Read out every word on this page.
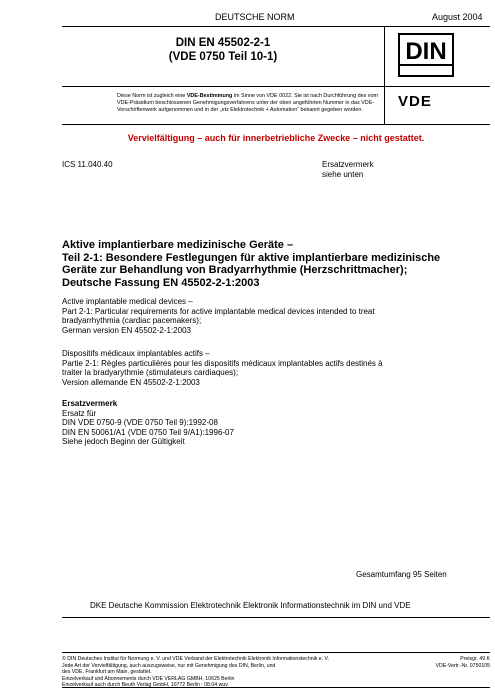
DEUTSCHE NORM	August 2004
DIN EN 45502-2-1
(VDE 0750 Teil 10-1)	DIN
VDE
Diese Norm ist zugleich eine VDE-Bestimmung im Sinne von VDE 0022. Sie ist nach Durchführung des vom VDE-Präsidium beschlossenen Genehmigungsverfahrens unter der oben angeführten Nummer in das VDE-Vorschriftenwerk aufgenommen und in der „etz Elektrotechnik + Automation“ bekannt gegeben worden.
Vervielfältigung – auch für innerbetriebliche Zwecke – nicht gestattet.
ICS 11.040.40	Ersatzvermerk
siehe unten
Aktive implantierbare medizinische Geräte –
Teil 2-1: Besondere Festlegungen für aktive implantierbare medizinische
Geräte zur Behandlung von Bradyarrhythmie (Herzschrittmacher);
Deutsche Fassung EN 45502-2-1:2003
Active implantable medical devices –
Part 2-1: Particular requirements for active implantable medical devices intended to treat
bradyarrhythmia (cardiac pacemakers);
German version EN 45502-2-1:2003
Dispositifs médicaux implantables actifs –
Partie 2-1: Règles particulières pour les dispositifs médicaux implantables actifs destinés à
traiter la bradyarythmie (stimulateurs cardiaques);
Version allemande EN 45502-2-1:2003
Ersatzvermerk
Ersatz für
DIN VDE 0750-9 (VDE 0750 Teil 9):1992-08
DIN EN 50061/A1 (VDE 0750 Teil 9/A1):1996-07
Siehe jedoch Beginn der Gültigkeit
Gesamtumfang 95 Seiten
DKE Deutsche Kommission Elektrotechnik Elektronik Informationstechnik im DIN und VDE
© DIN Deutsches Institut für Normung e. V. und VDE Verband der Elektrotechnik Elektronik Informationstechnik e. V.
Jede Art der Vervielfältigung, auch auszugsweise, nur mit Genehmigung des DIN, Berlin, und
des VDE, Frankfurt am Main, gestattet.
Einzelverkauf und Abonnements durch VDE VERLAG GMBH, 10625 Berlin
Einzelverkauf auch durch Beuth Verlag GmbH, 10772 Berlin : 08.04 wuv
Preisgr. 49 K
VDE-Vertr.-Nr. 0750105
